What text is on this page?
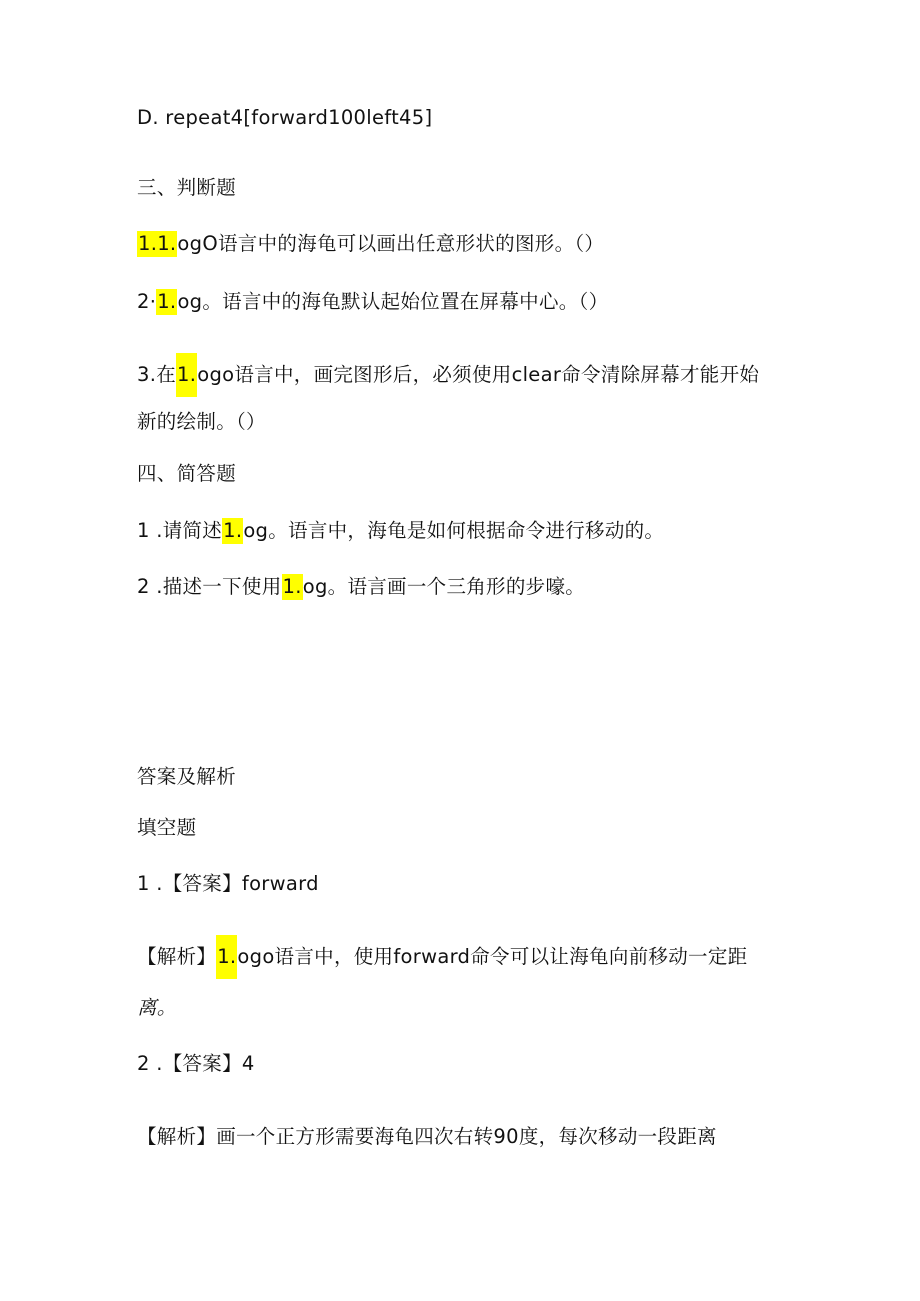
D. repeat4[forward100left45]
三、判断题
1.1.ogO语言中的海龟可以画出任意形状的图形。（）
2·1.og。语言中的海龟默认起始位置在屏幕中心。（）
3.在1.ogo语言中，画完图形后，必须使用clear命令清除屏幕才能开始
新的绘制。（）
四、简答题
1 .请简述1.og。语言中，海龟是如何根据命令进行移动的。
2 .描述一下使用1.og。语言画一个三角形的步嚎。
答案及解析
填空题
1 .【答案】forward
【解析】1.ogo语言中，使用forward命令可以让海龟向前移动一定距
离。
2 .【答案】4
【解析】画一个正方形需要海龟四次右转90度，每次移动一段距离
